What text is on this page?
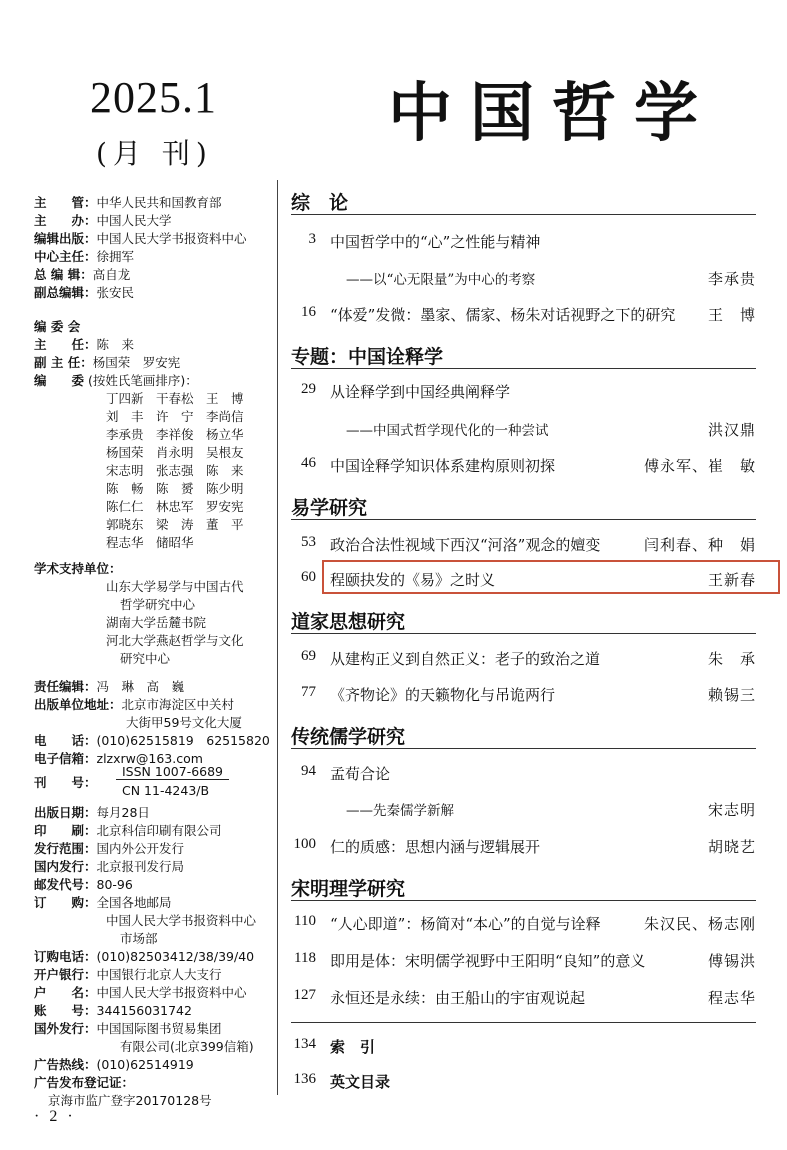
2025.1
(月 刊)
中国哲学
主　　管：中华人民共和国教育部
主　　办：中国人民大学
编辑出版：中国人民大学书报资料中心
中心主任：徐拥军
总 编 辑：高自龙
副总编辑：张安民
编 委 会
主　　任：陈　来
副 主 任：杨国荣　罗安宪
编　　委 (按姓氏笔画排序)：
丁四新　干春松　王　博
刘　丰　许　宁　李尚信
李承贵　李祥俊　杨立华
杨国荣　肖永明　吴根友
宋志明　张志强　陈　来
陈　畅　陈　赟　陈少明
陈仁仁　林忠军　罗安宪
郭晓东　梁　涛　董　平
程志华　储昭华
学术支持单位：
山东大学易学与中国古代
哲学研究中心
湖南大学岳麓书院
河北大学燕赵哲学与文化
研究中心
责任编辑：冯　琳　高　巍
出版单位地址：北京市海淀区中关村
大街甲59号文化大厦
电　　话：(010)62515819　62515820
电子信箱：zlzxrw@163.com
刊　　号：
ISSN 1007-6689
CN 11-4243/B
出版日期：每月28日
印　　刷：北京科信印刷有限公司
发行范围：国内外公开发行
国内发行：北京报刊发行局
邮发代号：80-96
订　　购：全国各地邮局
中国人民大学书报资料中心
市场部
订购电话：(010)82503412/38/39/40
开户银行：中国银行北京人大支行
户　　名：中国人民大学书报资料中心
账　　号：344156031742
国外发行：中国国际图书贸易集团
有限公司(北京399信箱)
广告热线：(010)62514919
广告发布登记证：
京海市监广登字20170128号
综　论
3 中国哲学中的“心”之性能与精神
——以“心无限量”为中心的考察	李承贵
16 “体爱”发微：墨家、儒家、杨朱对话视野之下的研究 王　博
专题：中国诠释学
29 从诠释学到中国经典阐释学
——中国式哲学现代化的一种尝试	洪汉鼎
46 中国诠释学知识体系建构原则初探	傅永军、崔　敏
易学研究
53 政治合法性视域下西汉“河洛”观念的嬗变	闫利春、种　娟
60 程颐抉发的《易》之时义	王新春
道家思想研究
69 从建构正义到自然正义：老子的致治之道	朱　承
77 《齐物论》的天籁物化与吊诡两行	赖锡三
传统儒学研究
94 孟荀合论
——先秦儒学新解	宋志明
100 仁的质感：思想内涵与逻辑展开	胡晓艺
宋明理学研究
110 “人心即道”：杨简对“本心”的自觉与诠释	朱汉民、杨志刚
118 即用是体：宋明儒学视野中王阳明“良知”的意义	傅锡洪
127 永恒还是永续：由王船山的宇宙观说起	程志华
134 索　引
136 英文目录
· 2 ·
